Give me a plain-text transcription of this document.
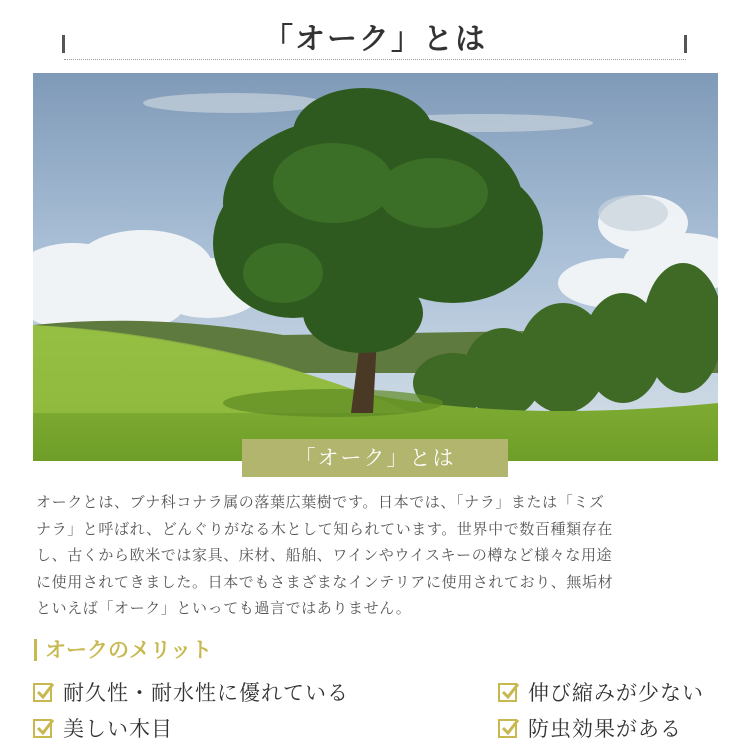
「オーク」とは
「オーク」とは
オークとは、ブナ科コナラ属の落葉広葉樹です。日本では、「ナラ」または「ミズ
ナラ」と呼ばれ、どんぐりがなる木として知られています。世界中で数百種類存在
し、古くから欧米では家具、床材、船舶、ワインやウイスキーの樽など様々な用途
に使用されてきました。日本でもさまざまなインテリアに使用されており、無垢材
といえば「オーク」といっても過言ではありません。
オークのメリット
耐久性・耐水性に優れている	伸び縮みが少ない
美しい木目	防虫効果がある
